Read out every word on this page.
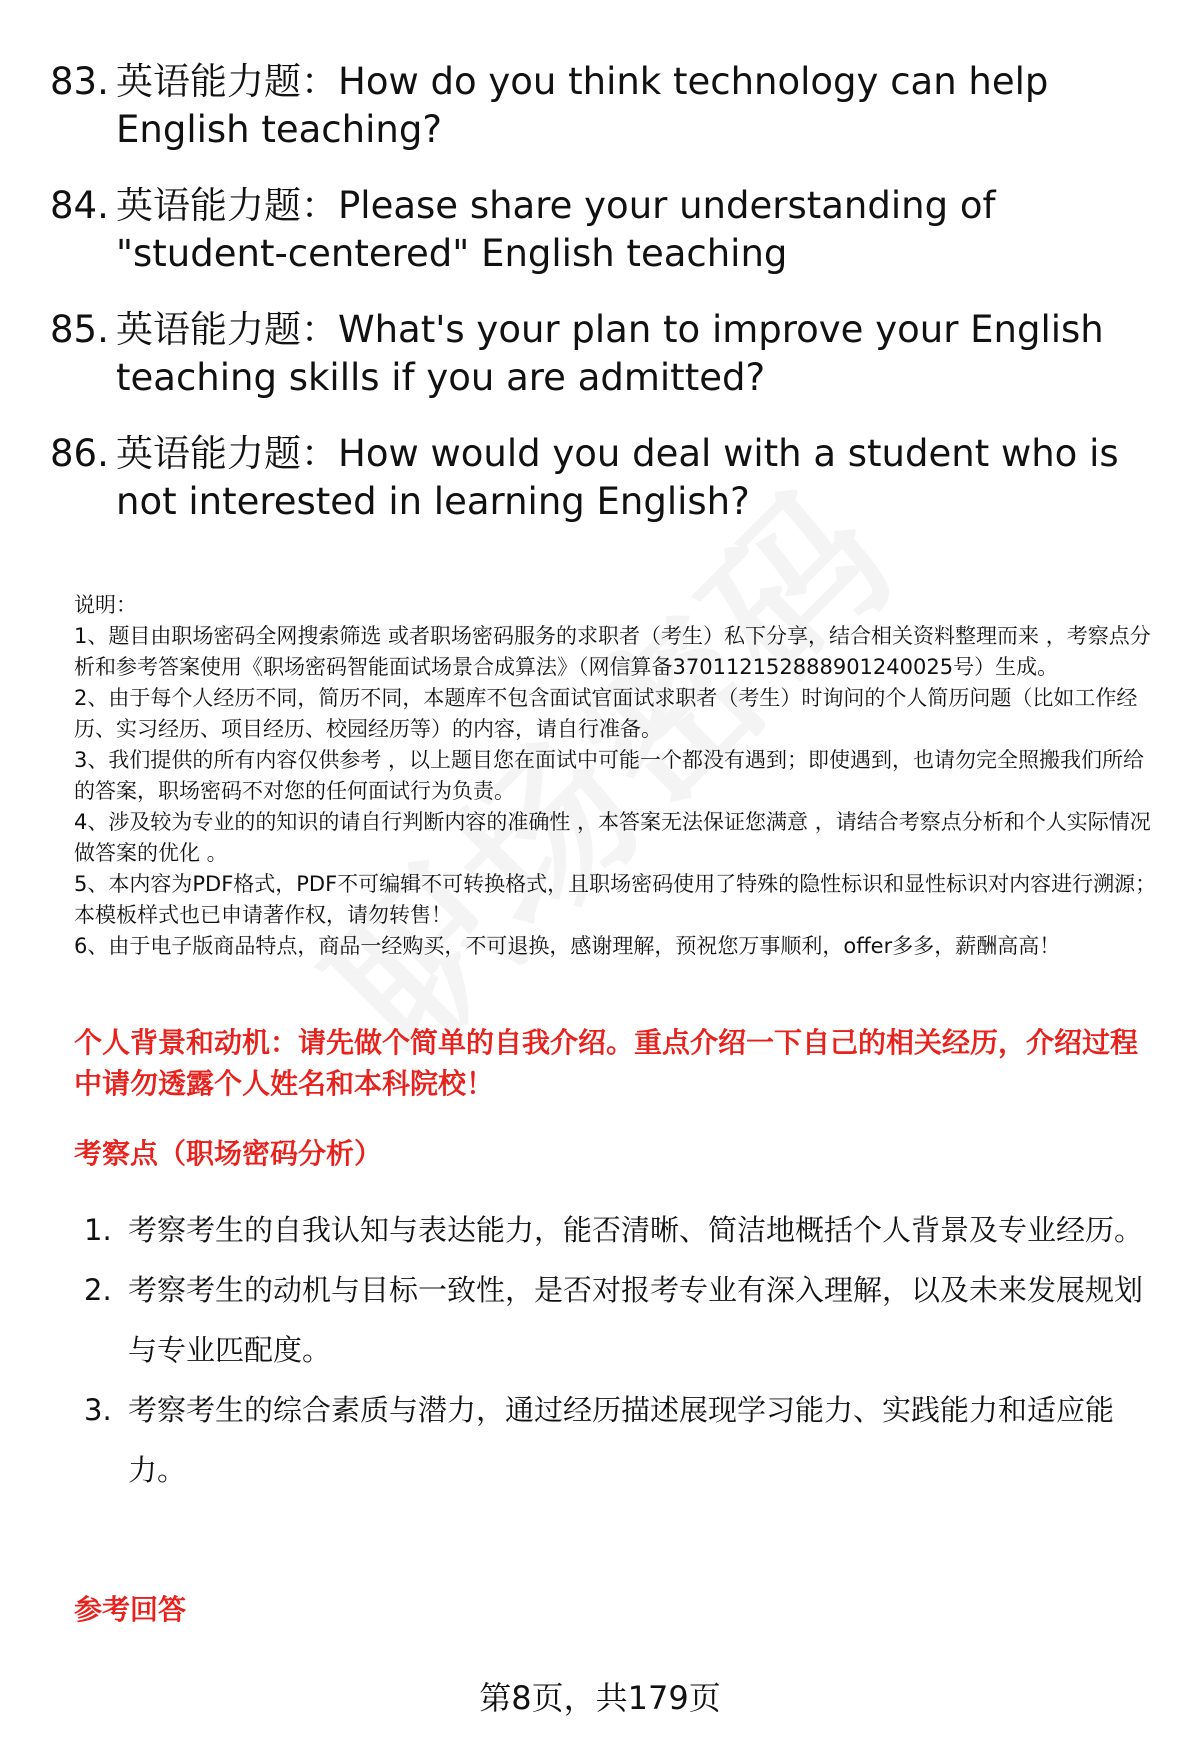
83. 英语能力题：How do you think technology can help English teaching?
84. 英语能力题：Please share your understanding of "student-centered" English teaching
85. 英语能力题：What's your plan to improve your English teaching skills if you are admitted?
86. 英语能力题：How would you deal with a student who is not interested in learning English?

说明：

1、题目由职场密码全网搜索筛选 或者职场密码服务的求职者（考生）私下分享，结合相关资料整理而来 ，考察点分析和参考答案使用《职场密码智能面试场景合成算法》（网信算备370112152888901240025号）生成。

2、由于每个人经历不同，简历不同，本题库不包含面试官面试求职者（考生）时询问的个人简历问题（比如工作经历、实习经历、项目经历、校园经历等）的内容，请自行准备。

3、我们提供的所有内容仅供参考 ，以上题目您在面试中可能一个都没有遇到；即使遇到，也请勿完全照搬我们所给的答案，职场密码不对您的任何面试行为负责。

4、涉及较为专业的的知识的请自行判断内容的准确性 ，本答案无法保证您满意 ，请结合考察点分析和个人实际情况做答案的优化 。

5、本内容为PDF格式，PDF不可编辑不可转换格式，且职场密码使用了特殊的隐性标识和显性标识对内容进行溯源；本模板样式也已申请著作权，请勿转售！

6、由于电子版商品特点，商品一经购买，不可退换，感谢理解，预祝您万事顺利，offer多多，薪酬高高！

个人背景和动机：请先做个简单的自我介绍。重点介绍一下自己的相关经历，介绍过程中请勿透露个人姓名和本科院校！
考察点（职场密码分析）
1. 考察考生的自我认知与表达能力，能否清晰、简洁地概括个人背景及专业经历。
2. 考察考生的动机与目标一致性，是否对报考专业有深入理解，以及未来发展规划与专业匹配度。
3. 考察考生的综合素质与潜力，通过经历描述展现学习能力、实践能力和适应能力。
参考回答
第8页，共179页
